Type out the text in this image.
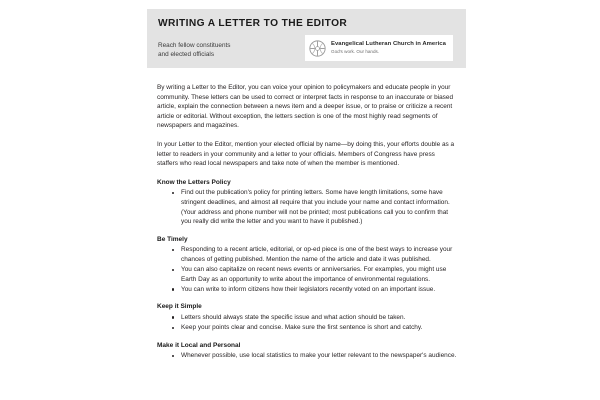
WRITING A LETTER TO THE EDITOR
Reach fellow constituents
and elected officials
Evangelical Lutheran Church in America
God's work. Our hands.

By writing a Letter to the Editor, you can voice your opinion to policymakers and educate people in your community. These letters can be used to correct or interpret facts in response to an inaccurate or biased article, explain the connection between a news item and a deeper issue, or to praise or criticize a recent article or editorial. Without exception, the letters section is one of the most highly read segments of newspapers and magazines.

In your Letter to the Editor, mention your elected official by name—by doing this, your efforts double as a letter to readers in your community and a letter to your officials. Members of Congress have press staffers who read local newspapers and take note of when the member is mentioned.

Know the Letters Policy
Find out the publication's policy for printing letters. Some have length limitations, some have stringent deadlines, and almost all require that you include your name and contact information. (Your address and phone number will not be printed; most publications call you to confirm that you really did write the letter and you want to have it published.)
Be Timely
Responding to a recent article, editorial, or op-ed piece is one of the best ways to increase your chances of getting published. Mention the name of the article and date it was published.
You can also capitalize on recent news events or anniversaries. For examples, you might use Earth Day as an opportunity to write about the importance of environmental regulations.
You can write to inform citizens how their legislators recently voted on an important issue.
Keep it Simple
Letters should always state the specific issue and what action should be taken.
Keep your points clear and concise. Make sure the first sentence is short and catchy.
Make it Local and Personal
Whenever possible, use local statistics to make your letter relevant to the newspaper's audience.
